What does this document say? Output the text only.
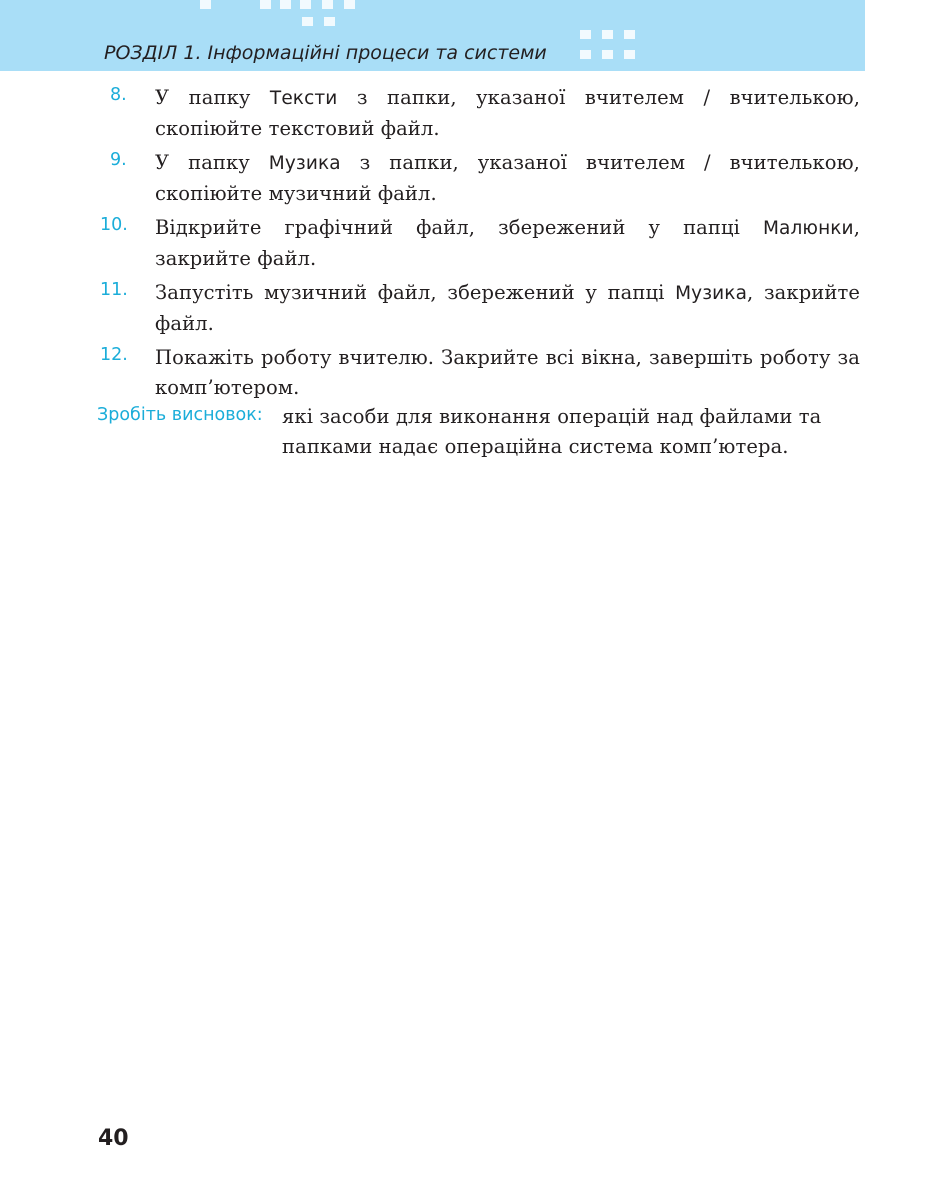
РОЗДІЛ 1. Інформаційні процеси та системи
8.	У папку Тексти з папки, указаної вчителем / вчителькою, скопіюйте текстовий файл.
9.	У папку Музика з папки, указаної вчителем / вчителькою, скопіюйте музичний файл.
10.	Відкрийте графічний файл, збережений у папці Малюнки, закрийте файл.
11.	Запустіть музичний файл, збережений у папці Музика, закрийте файл.
12.	Покажіть роботу вчителю. Закрийте всі вікна, завершіть роботу за комп’ютером.
Зробіть висновок: які засоби для виконання операцій над файлами та папками надає операційна система комп’ютера.
40
